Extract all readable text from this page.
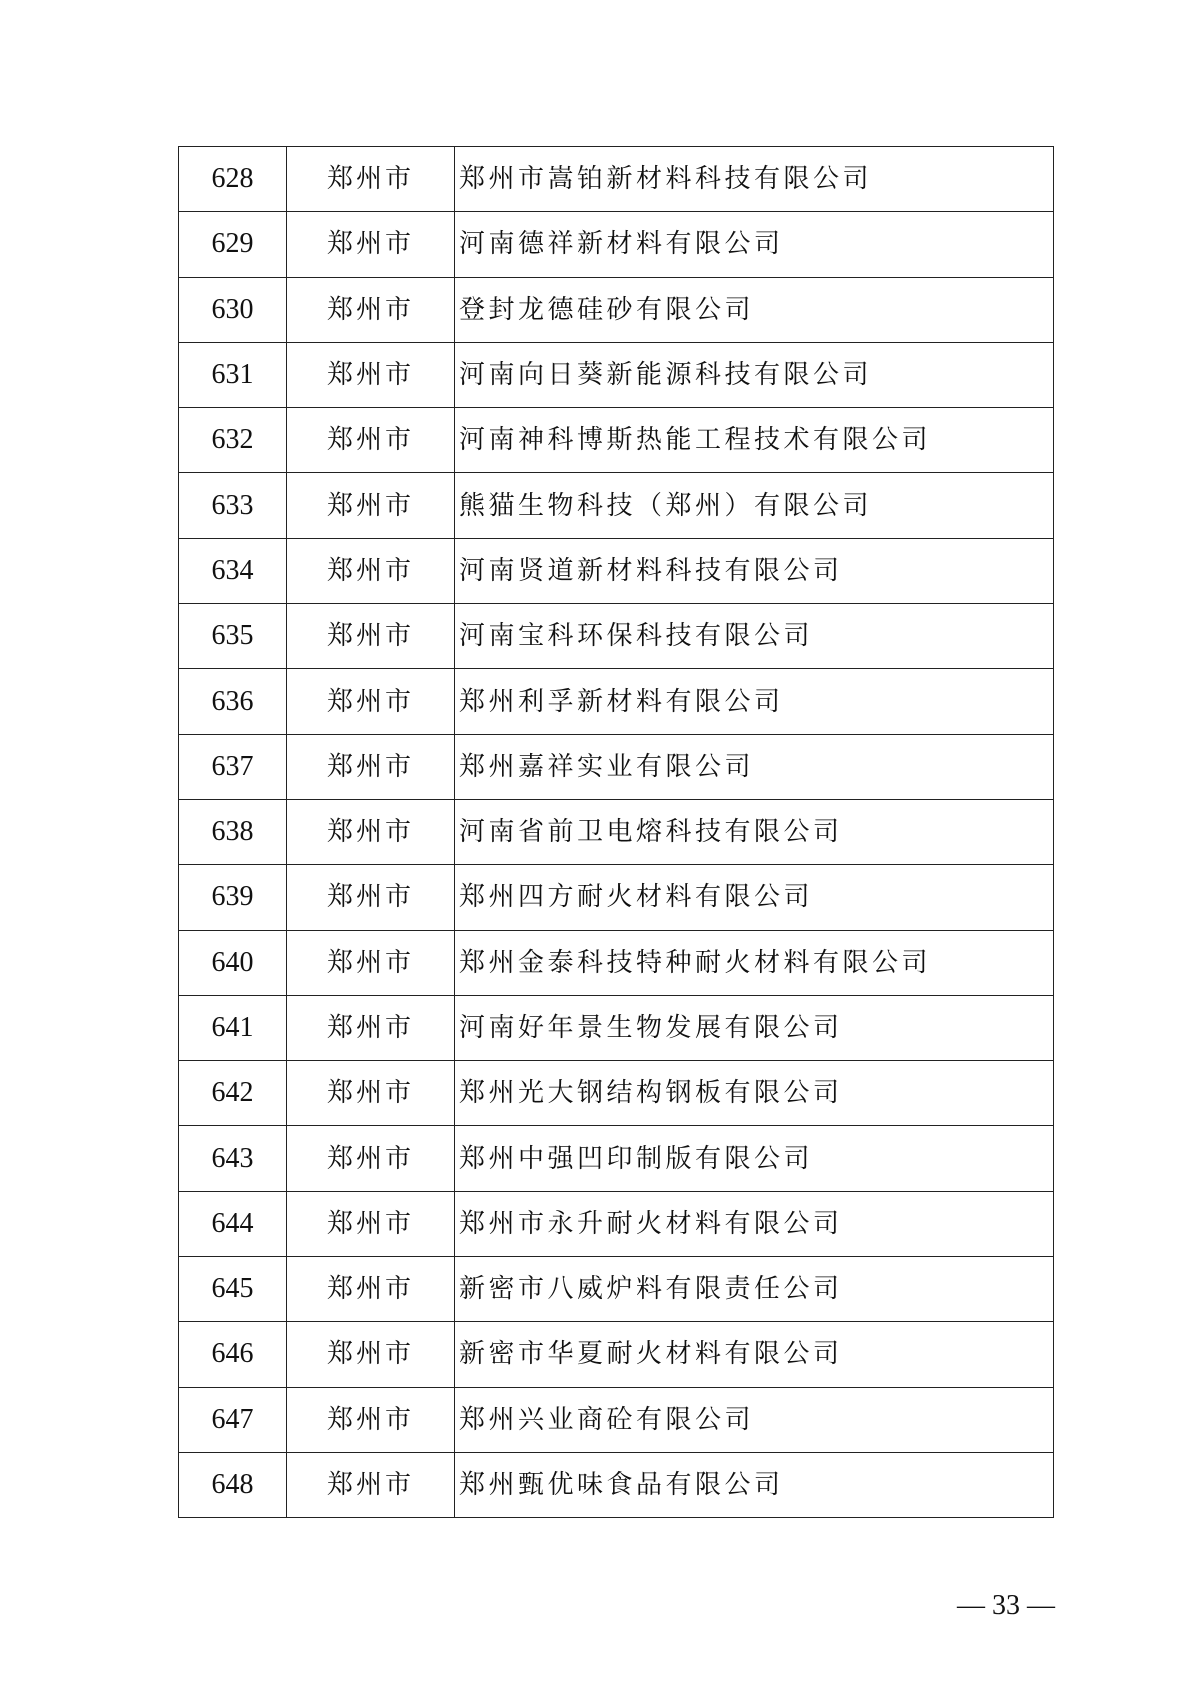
628	郑州市	郑州市嵩铂新材料科技有限公司
629	郑州市	河南德祥新材料有限公司
630	郑州市	登封龙德硅砂有限公司
631	郑州市	河南向日葵新能源科技有限公司
632	郑州市	河南神科博斯热能工程技术有限公司
633	郑州市	熊猫生物科技（郑州）有限公司
634	郑州市	河南贤道新材料科技有限公司
635	郑州市	河南宝科环保科技有限公司
636	郑州市	郑州利孚新材料有限公司
637	郑州市	郑州嘉祥实业有限公司
638	郑州市	河南省前卫电熔科技有限公司
639	郑州市	郑州四方耐火材料有限公司
640	郑州市	郑州金泰科技特种耐火材料有限公司
641	郑州市	河南好年景生物发展有限公司
642	郑州市	郑州光大钢结构钢板有限公司
643	郑州市	郑州中强凹印制版有限公司
644	郑州市	郑州市永升耐火材料有限公司
645	郑州市	新密市八威炉料有限责任公司
646	郑州市	新密市华夏耐火材料有限公司
647	郑州市	郑州兴业商砼有限公司
648	郑州市	郑州甄优味食品有限公司
— 33 —
